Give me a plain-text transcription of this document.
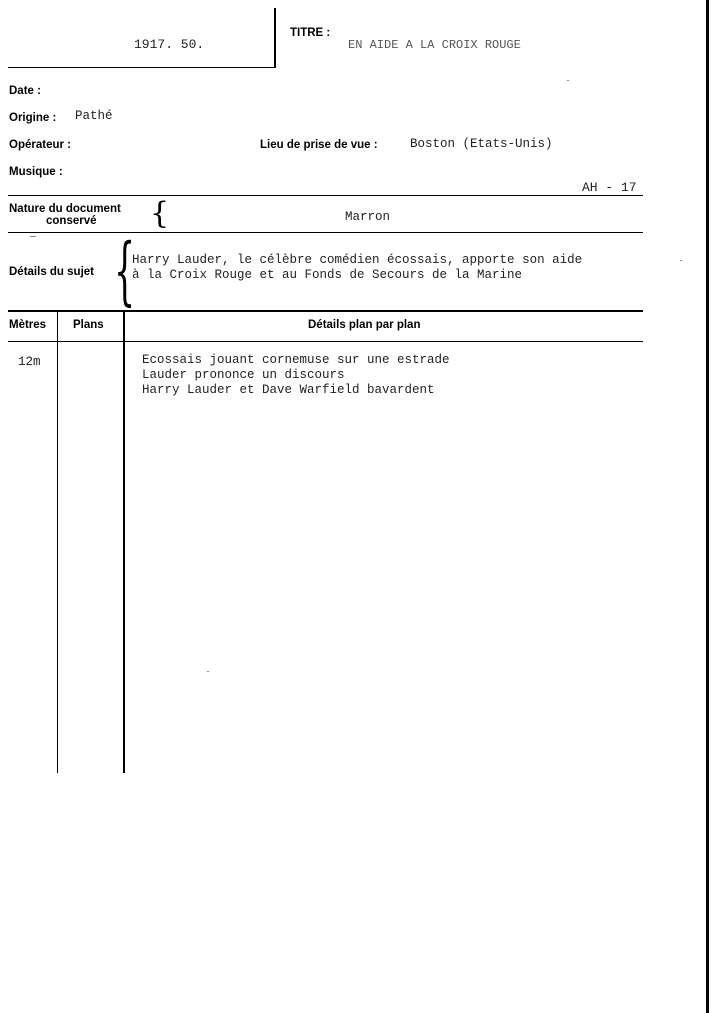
1917. 50.
TITRE :
EN AIDE A LA CROIX ROUGE
Date :
Origine : Pathé
Opérateur :	Lieu de prise de vue :	Boston (Etats-Unis)
Musique :
AH - 17
Nature du document
conservé {	Marron
Détails du sujet {
Harry Lauder, le célèbre comédien écossais, apporte son aide
à la Croix Rouge et au Fonds de Secours de la Marine
Mètres Plans	Détails plan par plan
12m	Ecossais jouant cornemuse sur une estrade
Lauder prononce un discours
Harry Lauder et Dave Warfield bavardent
